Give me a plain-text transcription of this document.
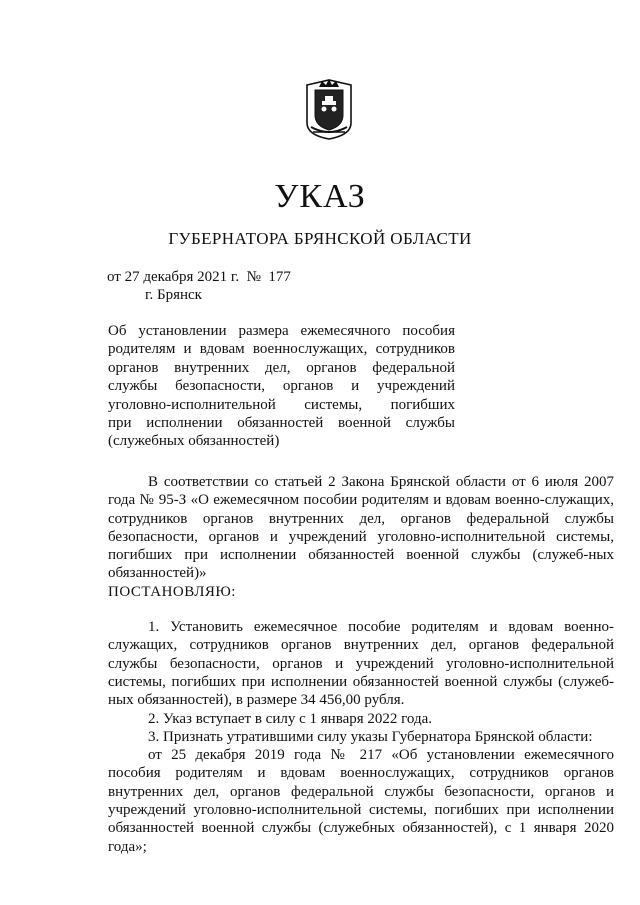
УКАЗ
ГУБЕРНАТОРА БРЯНСКОЙ ОБЛАСТИ
от 27 декабря 2021 г.  №  177
г. Брянск
Об установлении размера ежемесячного пособия
родителям и вдовам военнослужащих, сотрудников
органов внутренних дел, органов федеральной
службы безопасности, органов и учреждений
уголовно-исполнительной системы, погибших
при исполнении обязанностей военной службы
(служебных обязанностей)

В соответствии со статьей 2 Закона Брянской области от 6 июля 2007 года № 95-З «О ежемесячном пособии родителям и вдовам военно-служащих, сотрудников органов внутренних дел, органов федеральной службы безопасности, органов и учреждений уголовно-исполнительной системы, погибших при исполнении обязанностей военной службы (служеб-ных обязанностей)»

ПОСТАНОВЛЯЮ:

1. Установить ежемесячное пособие родителям и вдовам военно-служащих, сотрудников органов внутренних дел, органов федеральной службы безопасности, органов и учреждений уголовно-исполнительной системы, погибших при исполнении обязанностей военной службы (служеб-ных обязанностей), в размере 34 456,00 рубля.

2. Указ вступает в силу с 1 января 2022 года.

3. Признать утратившими силу указы Губернатора Брянской области:

от 25 декабря 2019 года № 217 «Об установлении ежемесячного пособия родителям и вдовам военнослужащих, сотрудников органов внутренних дел, органов федеральной службы безопасности, органов и учреждений уголовно-исполнительной системы, погибших при исполнении обязанностей военной службы (служебных обязанностей), с 1 января 2020 года»;
